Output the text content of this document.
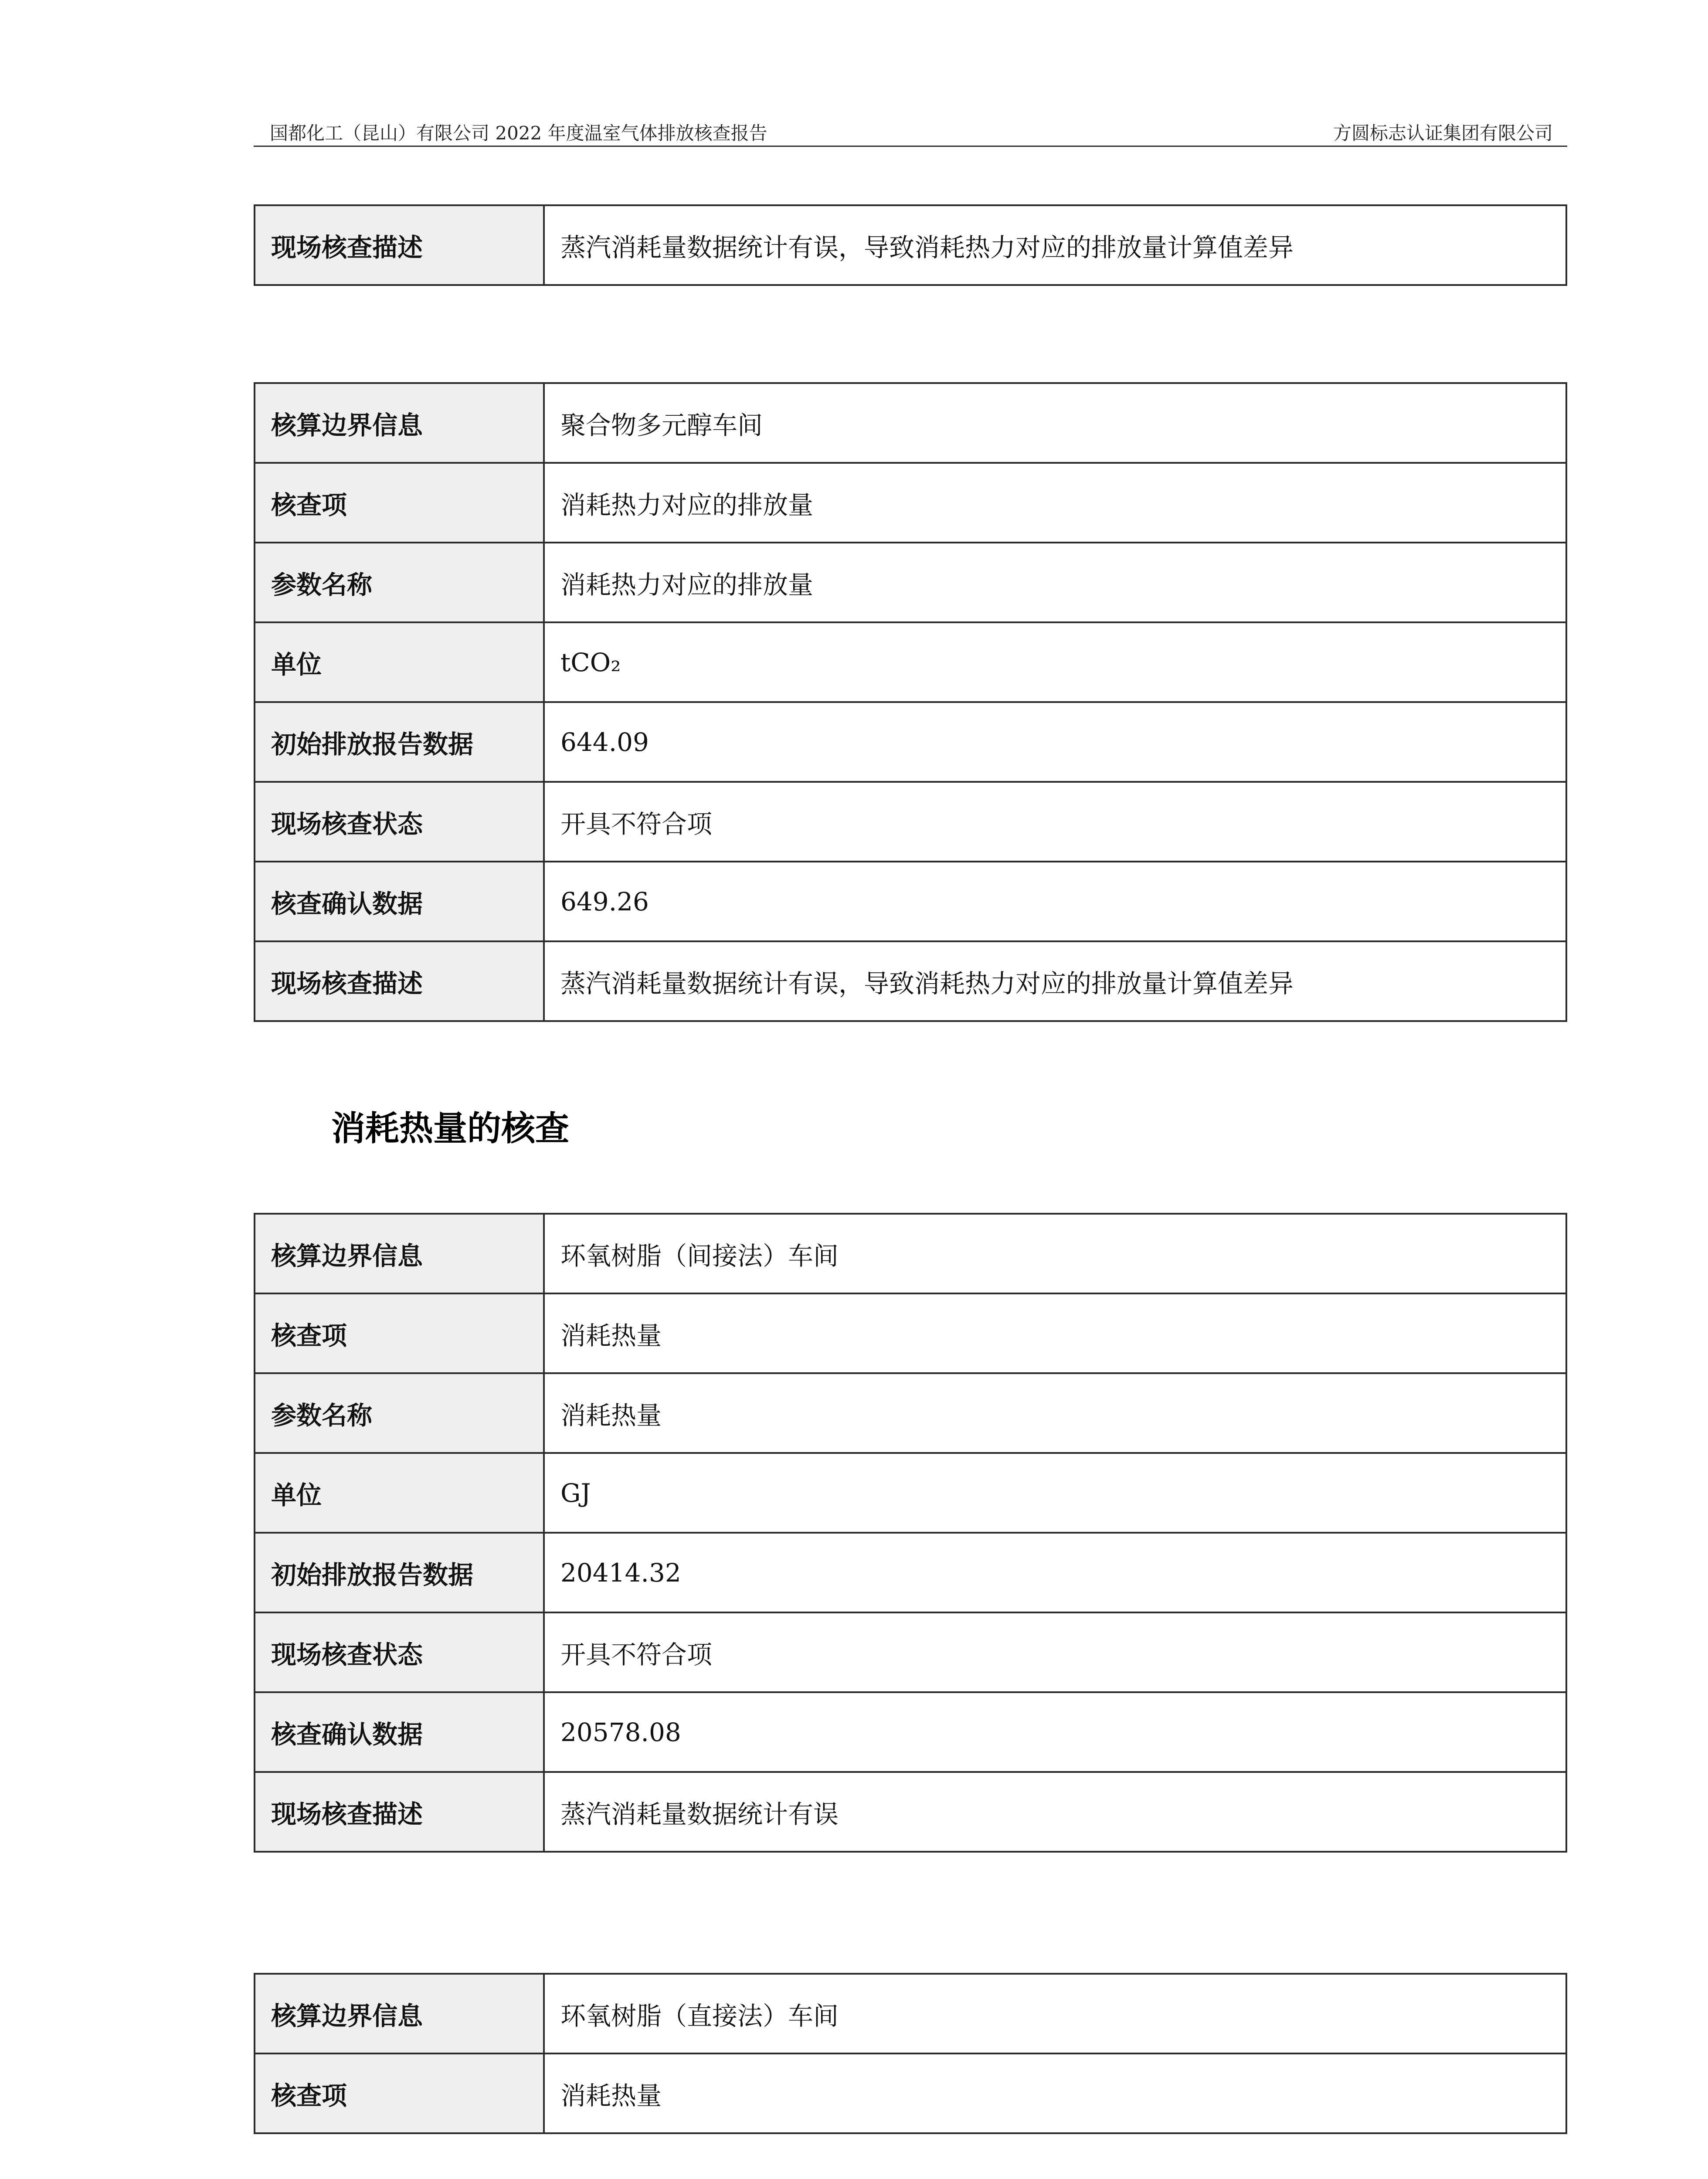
国都化工（昆山）有限公司 2022 年度温室气体排放核查报告	方圆标志认证集团有限公司
现场核查描述	蒸汽消耗量数据统计有误，导致消耗热力对应的排放量计算值差异
核算边界信息	聚合物多元醇车间
核查项	消耗热力对应的排放量
参数名称	消耗热力对应的排放量
单位	tCO₂
初始排放报告数据	644.09
现场核查状态	开具不符合项
核查确认数据	649.26
现场核查描述	蒸汽消耗量数据统计有误，导致消耗热力对应的排放量计算值差异
消耗热量的核查
核算边界信息	环氧树脂（间接法）车间
核查项	消耗热量
参数名称	消耗热量
单位	GJ
初始排放报告数据	20414.32
现场核查状态	开具不符合项
核查确认数据	20578.08
现场核查描述	蒸汽消耗量数据统计有误
核算边界信息	环氧树脂（直接法）车间
核查项	消耗热量
